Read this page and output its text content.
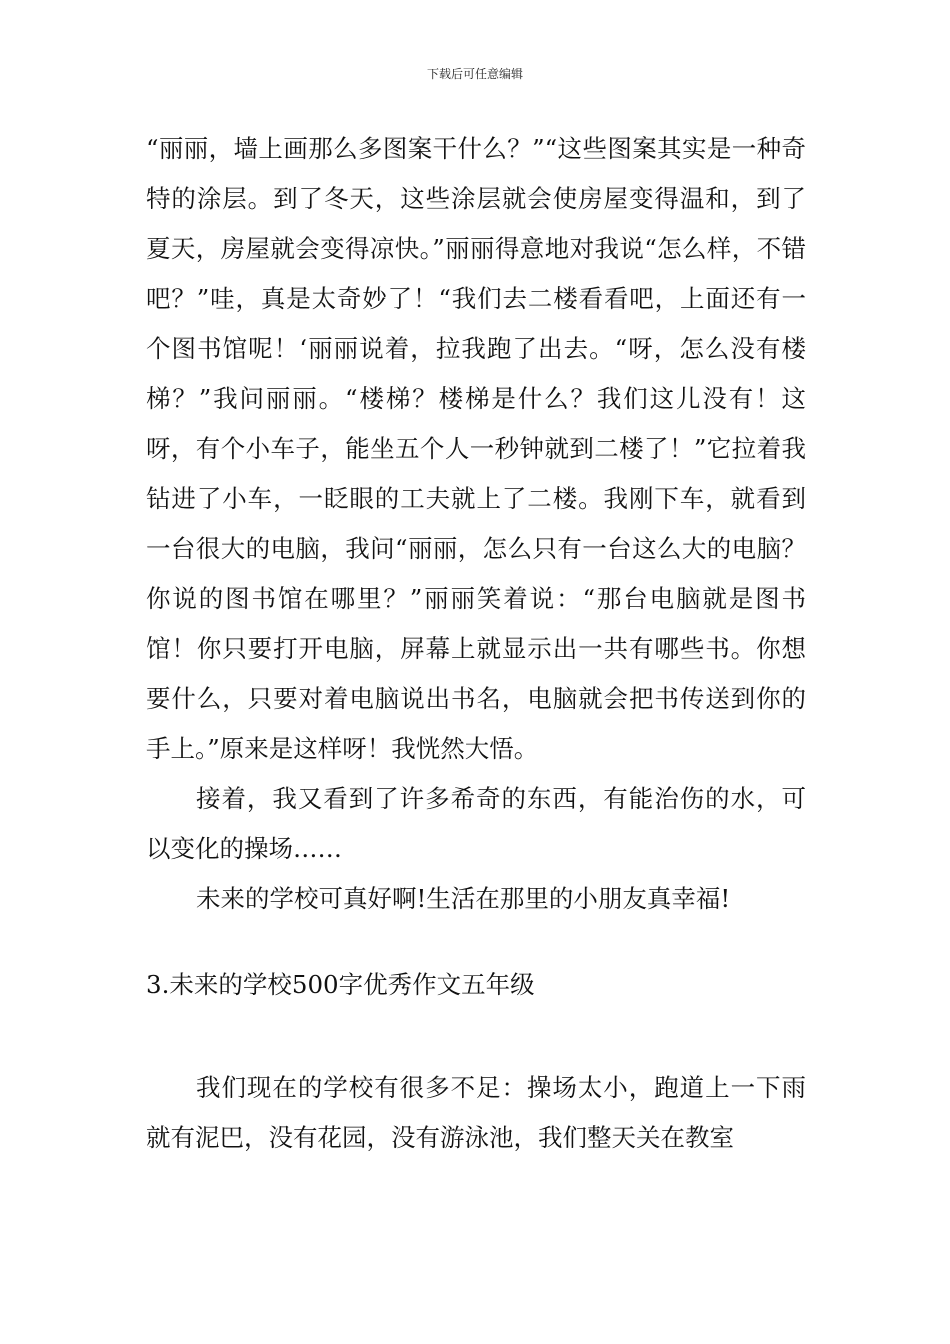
下载后可任意编辑

“丽丽，墙上画那么多图案干什么？”“这些图案其实是一种奇特的涂层。到了冬天，这些涂层就会使房屋变得温和，到了夏天，房屋就会变得凉快。”丽丽得意地对我说“怎么样，不错吧？”哇，真是太奇妙了！“我们去二楼看看吧，上面还有一个图书馆呢！‘丽丽说着，拉我跑了出去。“呀，怎么没有楼梯？”我问丽丽。“楼梯？楼梯是什么？我们这儿没有！这呀，有个小车子，能坐五个人一秒钟就到二楼了！”它拉着我钻进了小车，一眨眼的工夫就上了二楼。我刚下车，就看到一台很大的电脑，我问“丽丽，怎么只有一台这么大的电脑？你说的图书馆在哪里？”丽丽笑着说：“那台电脑就是图书馆！你只要打开电脑，屏幕上就显示出一共有哪些书。你想要什么，只要对着电脑说出书名，电脑就会把书传送到你的手上。”原来是这样呀！我恍然大悟。

接着，我又看到了许多希奇的东西，有能治伤的水，可以变化的操场……

未来的学校可真好啊!生活在那里的小朋友真幸福!

3.未来的学校500字优秀作文五年级

我们现在的学校有很多不足：操场太小，跑道上一下雨就有泥巴，没有花园，没有游泳池，我们整天关在教室
